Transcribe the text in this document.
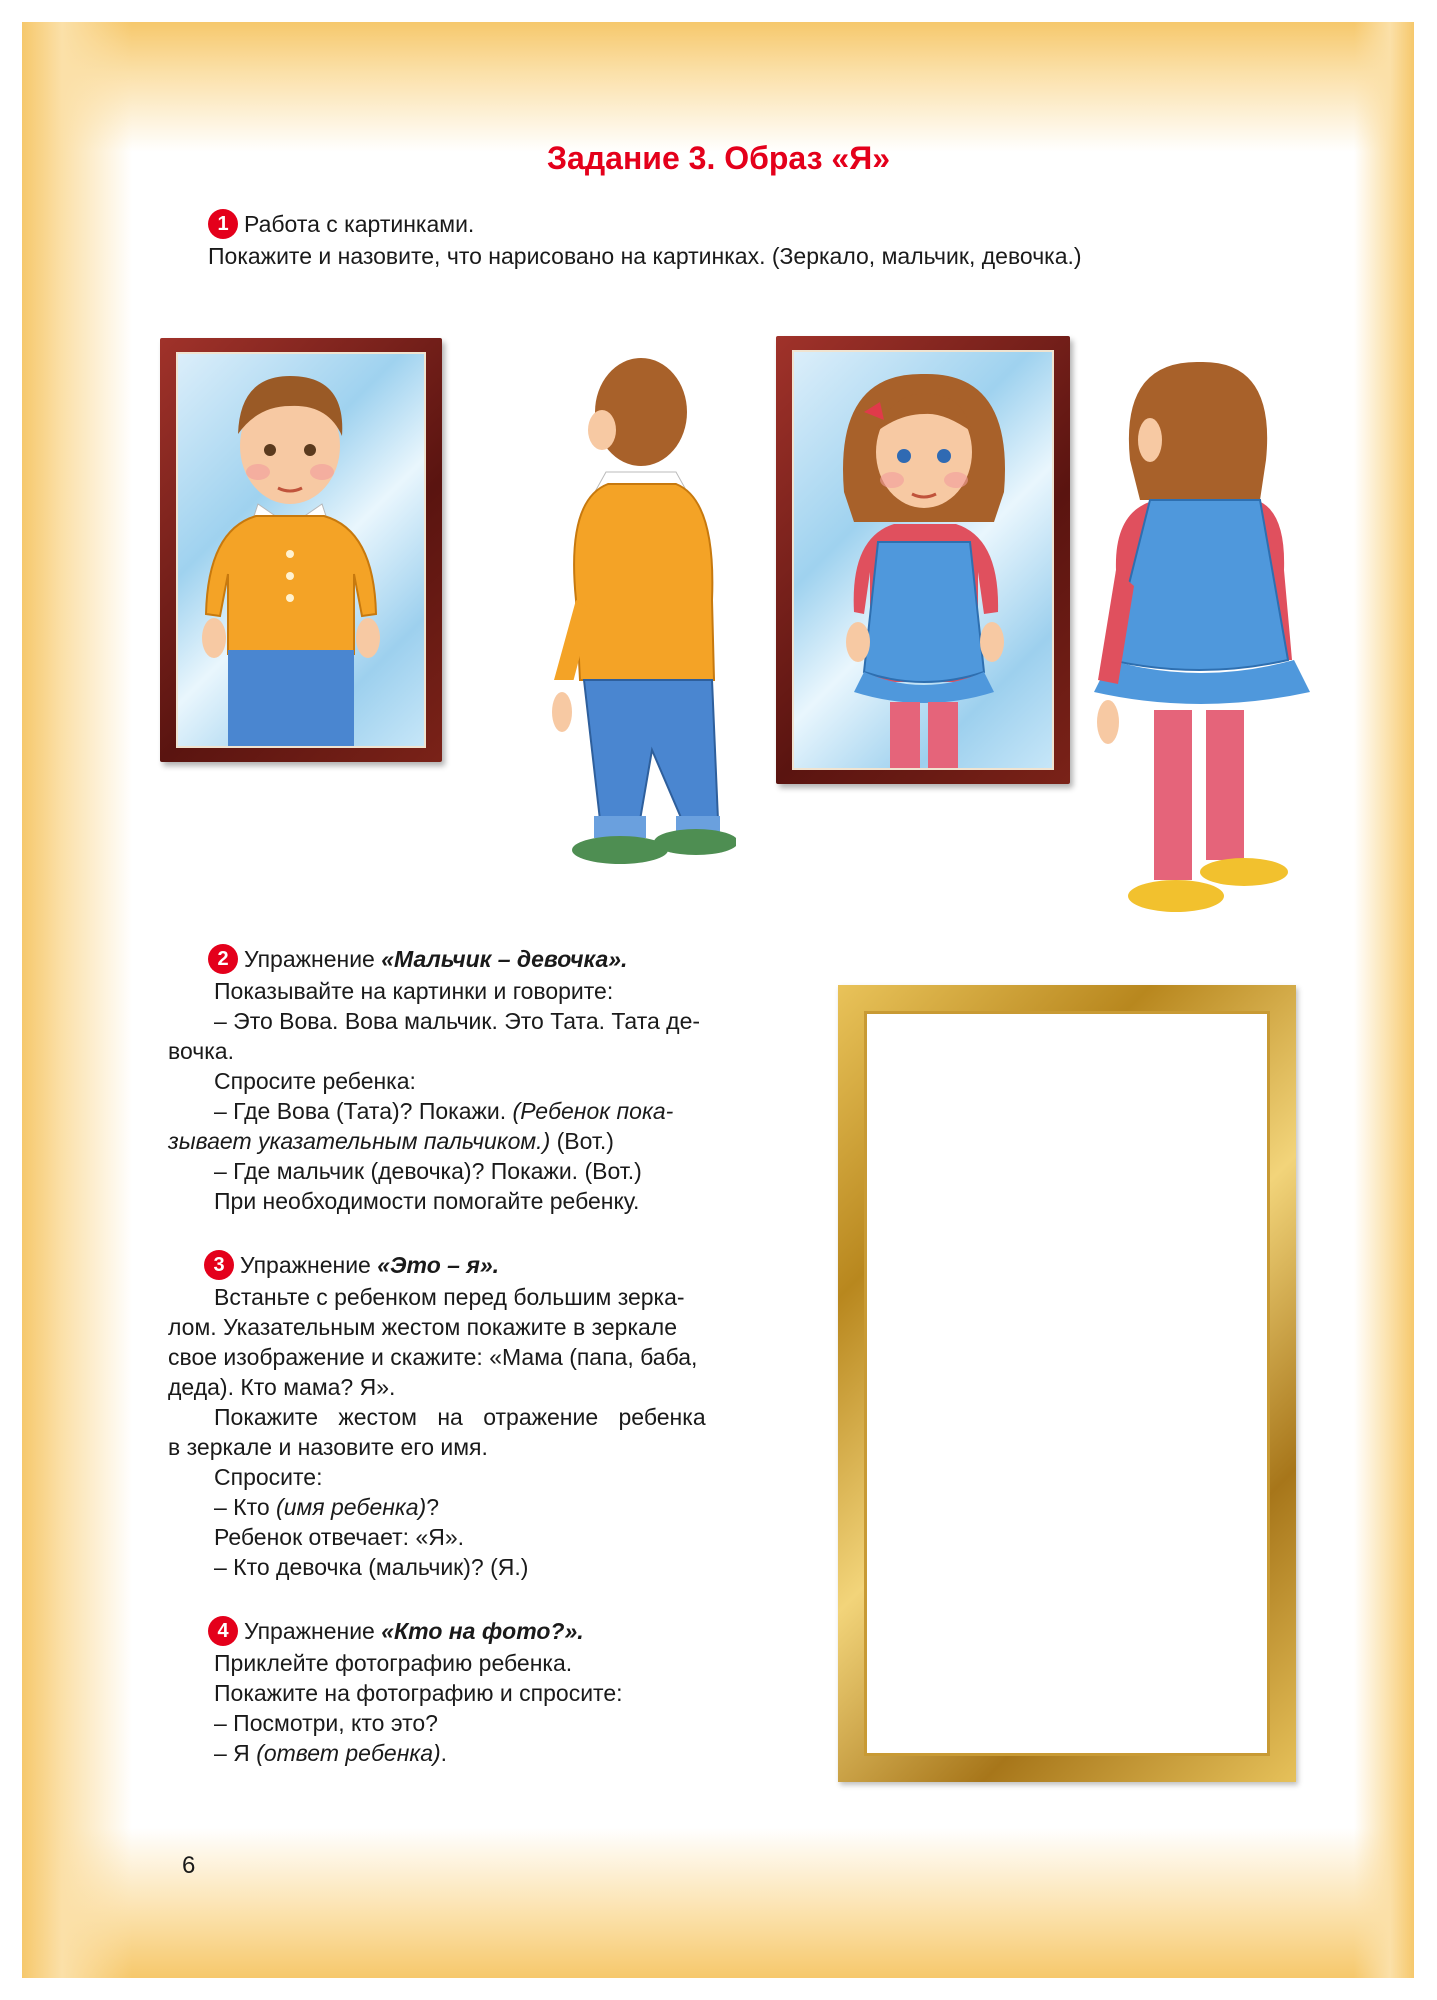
Задание 3. Образ «Я»
1 Работа с картинками.
Покажите и назовите, что нарисовано на картинках. (Зеркало, мальчик, девочка.)
2 Упражнение «Мальчик – девочка».
Показывайте на картинки и говорите:
– Это Вова. Вова мальчик. Это Тата. Тата де-
вочка.
Спросите ребенка:
– Где Вова (Тата)? Покажи. (Ребенок пока-
зывает указательным пальчиком.) (Вот.)
– Где мальчик (девочка)? Покажи. (Вот.)
При необходимости помогайте ребенку.
3 Упражнение «Это – я».
Встаньте с ребенком перед большим зерка-
лом. Указательным жестом покажите в зеркале
свое изображение и скажите: «Мама (папа, баба,
деда). Кто мама? Я».
Покажите жестом на отражение ребенка
в зеркале и назовите его имя.
Спросите:
– Кто (имя ребенка)?
Ребенок отвечает: «Я».
– Кто девочка (мальчик)? (Я.)
4 Упражнение «Кто на фото?».
Приклейте фотографию ребенка.
Покажите на фотографию и спросите:
– Посмотри, кто это?
– Я (ответ ребенка).
6
